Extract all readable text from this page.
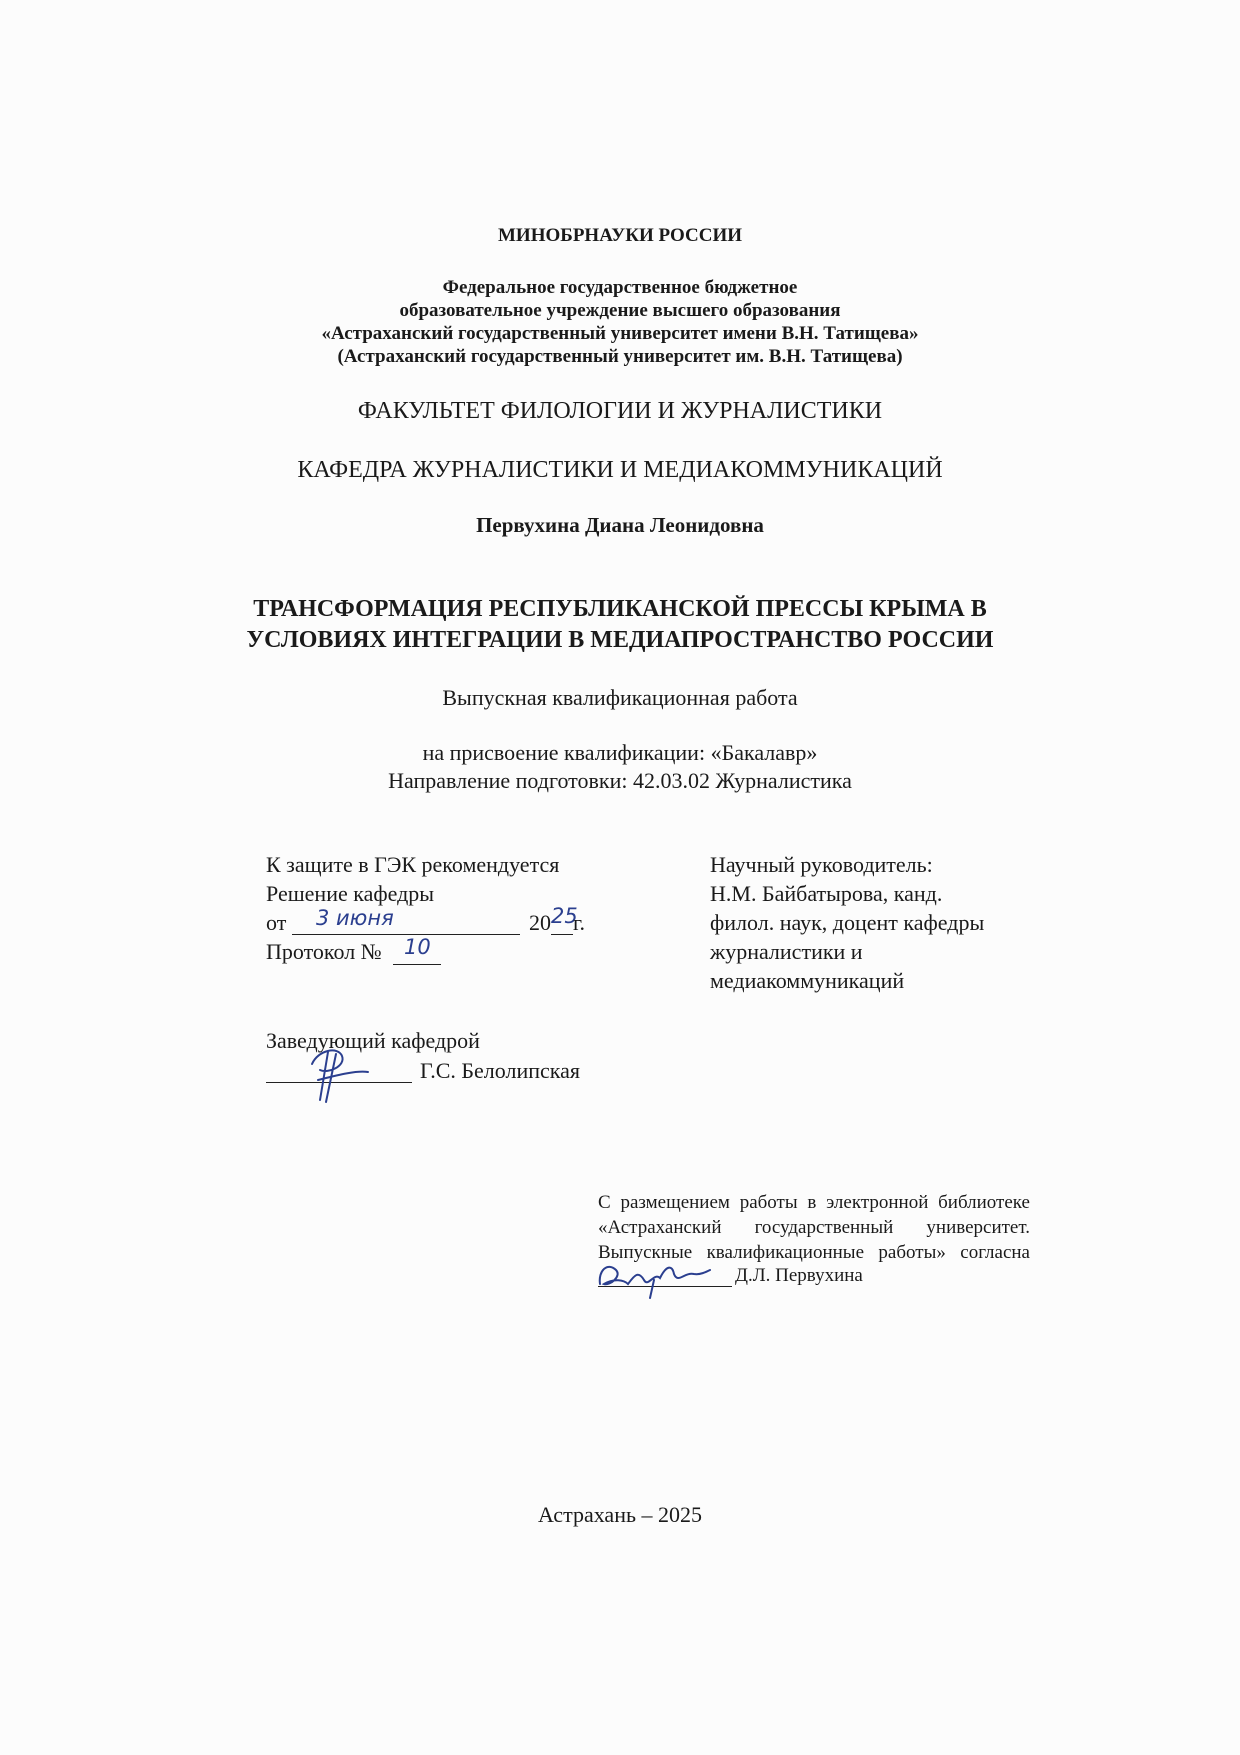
МИНОБРНАУКИ РОССИИ
Федеральное государственное бюджетное
образовательное учреждение высшего образования
«Астраханский государственный университет имени В.Н. Татищева»
(Астраханский государственный университет им. В.Н. Татищева)
ФАКУЛЬТЕТ ФИЛОЛОГИИ И ЖУРНАЛИСТИКИ
КАФЕДРА ЖУРНАЛИСТИКИ И МЕДИАКОММУНИКАЦИЙ
Первухина Диана Леонидовна
ТРАНСФОРМАЦИЯ РЕСПУБЛИКАНСКОЙ ПРЕССЫ КРЫМА В
УСЛОВИЯХ ИНТЕГРАЦИИ В МЕДИАПРОСТРАНСТВО РОССИИ
Выпускная квалификационная работа
на присвоение квалификации: «Бакалавр»
Направление подготовки: 42.03.02 Журналистика
К защите в ГЭК рекомендуется
Решение кафедры
от 3 июня	20 25
г.
Протокол № 10
Научный руководитель:
Н.М. Байбатырова, канд.
филол. наук, доцент кафедры
журналистики и
медиакоммуникаций
Заведующий кафедрой
Г.С. Белолипская
С размещением работы в электронной библиотеке
«Астраханский государственный университет.
Выпускные квалификационные работы» согласна
Д.Л. Первухина
Астрахань – 2025
